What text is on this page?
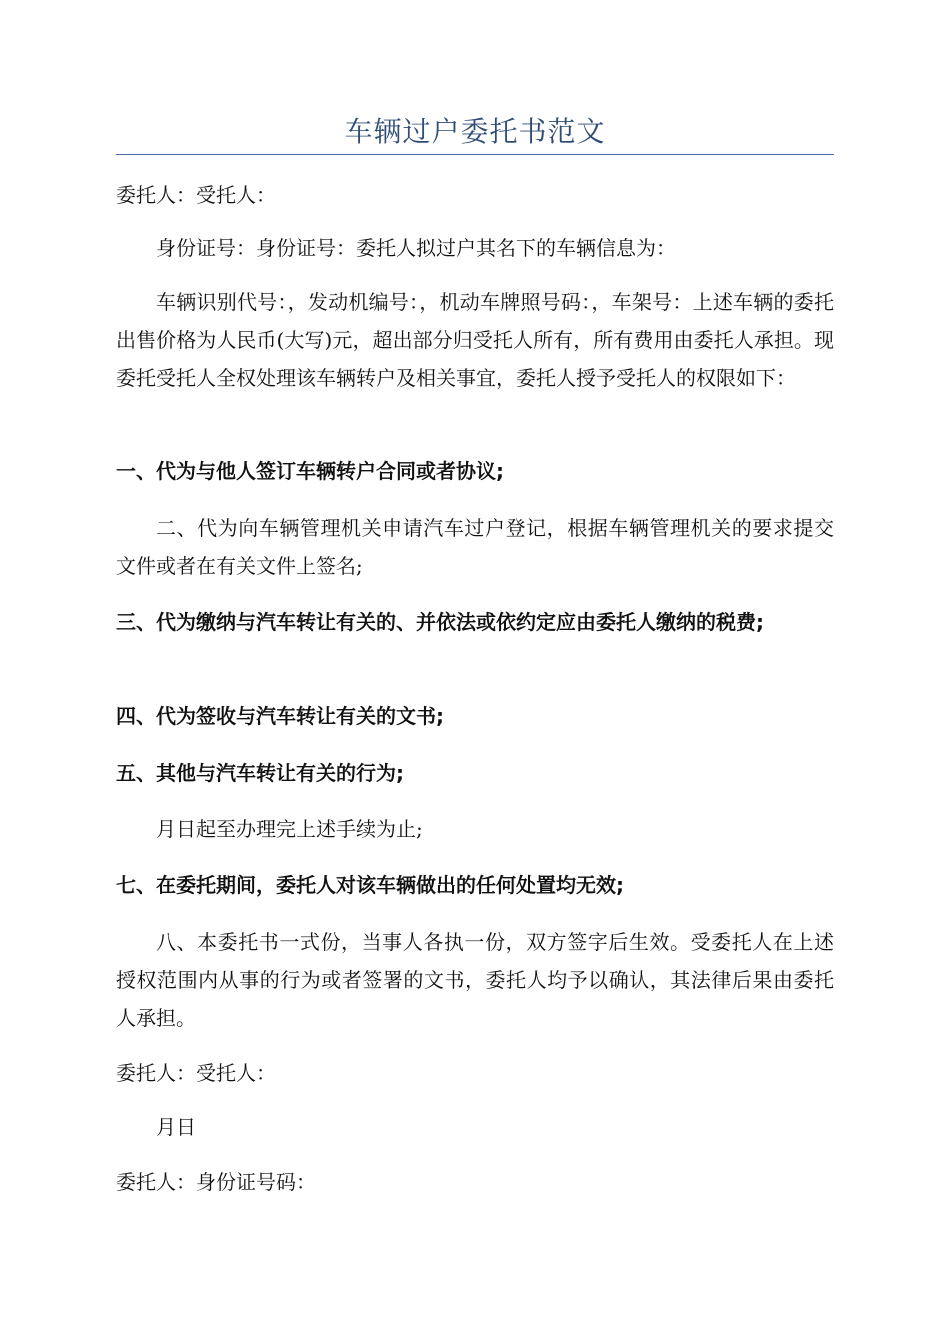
车辆过户委托书范文

委托人：受托人：

身份证号：身份证号：委托人拟过户其名下的车辆信息为：

车辆识别代号：，发动机编号：，机动车牌照号码：，车架号：上述车辆的委托出售价格为人民币(大写)元，超出部分归受托人所有，所有费用由委托人承担。现委托受托人全权处理该车辆转户及相关事宜，委托人授予受托人的权限如下：

一、代为与他人签订车辆转户合同或者协议;

二、代为向车辆管理机关申请汽车过户登记，根据车辆管理机关的要求提交文件或者在有关文件上签名;

三、代为缴纳与汽车转让有关的、并依法或依约定应由委托人缴纳的税费;

四、代为签收与汽车转让有关的文书;

五、其他与汽车转让有关的行为;

月日起至办理完上述手续为止;

七、在委托期间，委托人对该车辆做出的任何处置均无效;

八、本委托书一式份，当事人各执一份，双方签字后生效。受委托人在上述授权范围内从事的行为或者签署的文书，委托人均予以确认，其法律后果由委托人承担。

委托人：受托人：

月日

委托人：身份证号码：
